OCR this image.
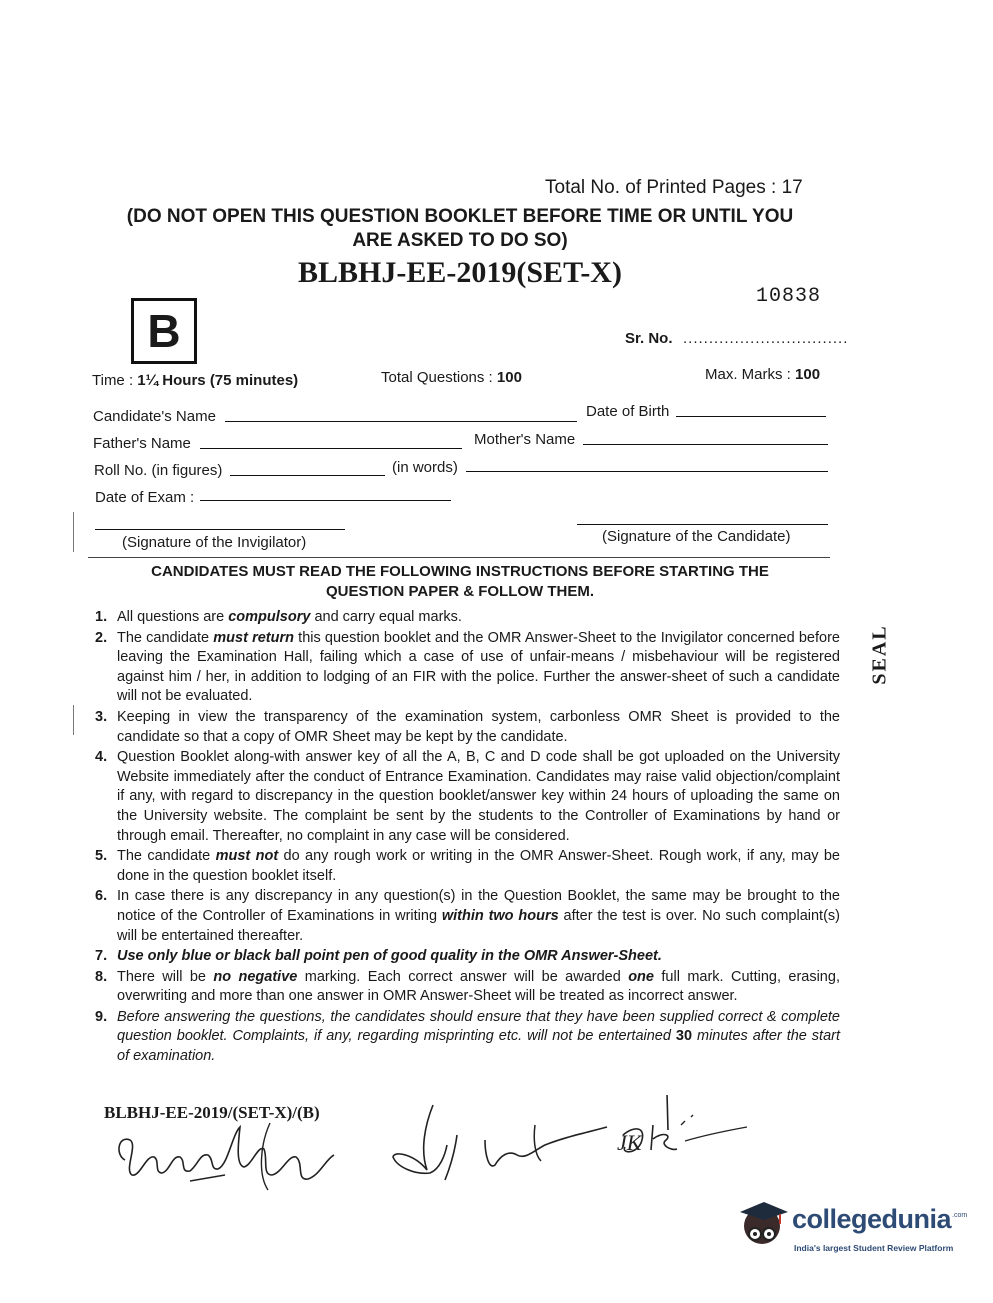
Total No. of Printed Pages : 17
(DO NOT OPEN THIS QUESTION BOOKLET BEFORE TIME OR UNTIL YOU
ARE ASKED TO DO SO)
BLBHJ-EE-2019(SET-X)
10838
B	Sr. No. ................................
Time : 1¼ Hours (75 minutes)	Total Questions : 100	Max. Marks : 100
Candidate's Name	Date of Birth
Father's Name	Mother's Name
Roll No. (in figures)	(in words)
Date of Exam :
(Signature of the Invigilator)	(Signature of the Candidate)
CANDIDATES MUST READ THE FOLLOWING INSTRUCTIONS BEFORE STARTING THE
QUESTION PAPER & FOLLOW THEM.
1. All questions are compulsory and carry equal marks.
2. The candidate must return this question booklet and the OMR Answer-Sheet to the Invigilator concerned before leaving the Examination Hall, failing which a case of use of unfair-means / misbehaviour will be registered against him / her, in addition to lodging of an FIR with the police. Further the answer-sheet of such a candidate will not be evaluated.
3. Keeping in view the transparency of the examination system, carbonless OMR Sheet is provided to the candidate so that a copy of OMR Sheet may be kept by the candidate.
4. Question Booklet along-with answer key of all the A, B, C and D code shall be got uploaded on the University Website immediately after the conduct of Entrance Examination. Candidates may raise valid objection/complaint if any, with regard to discrepancy in the question booklet/answer key within 24 hours of uploading the same on the University website. The complaint be sent by the students to the Controller of Examinations by hand or through email. Thereafter, no complaint in any case will be considered.
5. The candidate must not do any rough work or writing in the OMR Answer-Sheet. Rough work, if any, may be done in the question booklet itself.
6. In case there is any discrepancy in any question(s) in the Question Booklet, the same may be brought to the notice of the Controller of Examinations in writing within two hours after the test is over. No such complaint(s) will be entertained thereafter.
7. Use only blue or black ball point pen of good quality in the OMR Answer-Sheet.
8. There will be no negative marking. Each correct answer will be awarded one full mark. Cutting, erasing, overwriting and more than one answer in OMR Answer-Sheet will be treated as incorrect answer.
9. Before answering the questions, the candidates should ensure that they have been supplied correct & complete question booklet. Complaints, if any, regarding misprinting etc. will not be entertained 30 minutes after the start of examination.
BLBHJ-EE-2019/(SET-X)/(B)
JK
SEAL
collegedunia .com
India's largest Student Review Platform
